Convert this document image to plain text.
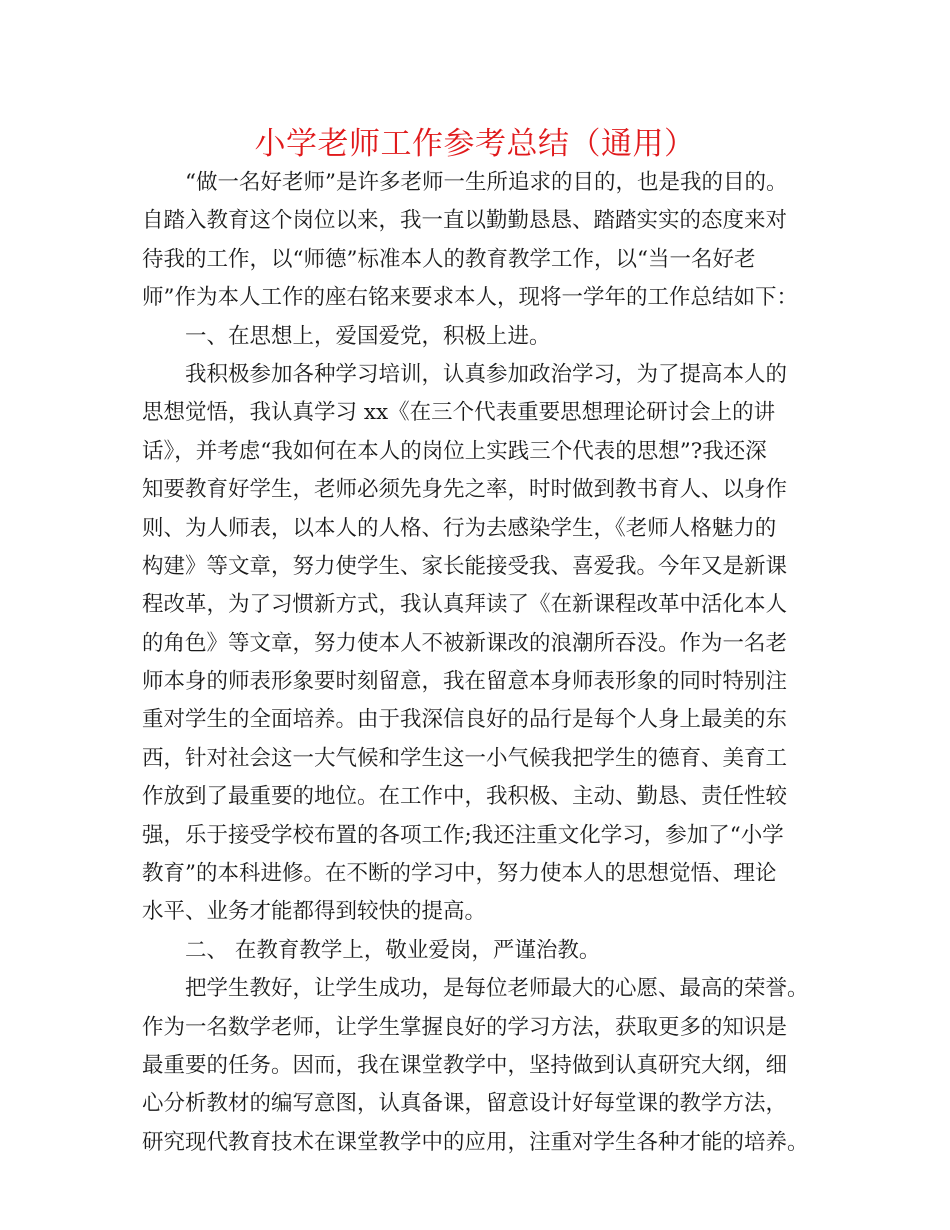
小学老师工作参考总结（通用）
“做一名好老师”是许多老师一生所追求的目的，也是我的目的。
自踏入教育这个岗位以来，我一直以勤勤恳恳、踏踏实实的态度来对
待我的工作，以“师德”标准本人的教育教学工作，以“当一名好老
师”作为本人工作的座右铭来要求本人，现将一学年的工作总结如下：
一、在思想上，爱国爱党，积极上进。
我积极参加各种学习培训，认真参加政治学习，为了提高本人的
思想觉悟，我认真学习 xx《在三个代表重要思想理论研讨会上的讲
话》，并考虑“我如何在本人的岗位上实践三个代表的思想”?我还深
知要教育好学生，老师必须先身先之率，时时做到教书育人、以身作
则、为人师表，以本人的人格、行为去感染学生，《老师人格魅力的
构建》等文章，努力使学生、家长能接受我、喜爱我。今年又是新课
程改革，为了习惯新方式，我认真拜读了《在新课程改革中活化本人
的角色》等文章，努力使本人不被新课改的浪潮所吞没。作为一名老
师本身的师表形象要时刻留意，我在留意本身师表形象的同时特别注
重对学生的全面培养。由于我深信良好的品行是每个人身上最美的东
西，针对社会这一大气候和学生这一小气候我把学生的德育、美育工
作放到了最重要的地位。在工作中，我积极、主动、勤恳、责任性较
强，乐于接受学校布置的各项工作;我还注重文化学习，参加了“小学
教育”的本科进修。在不断的学习中，努力使本人的思想觉悟、理论
水平、业务才能都得到较快的提高。
二、 在教育教学上，敬业爱岗，严谨治教。
把学生教好，让学生成功，是每位老师最大的心愿、最高的荣誉。
作为一名数学老师，让学生掌握良好的学习方法，获取更多的知识是
最重要的任务。因而，我在课堂教学中，坚持做到认真研究大纲，细
心分析教材的编写意图，认真备课，留意设计好每堂课的教学方法，
研究现代教育技术在课堂教学中的应用，注重对学生各种才能的培养。
